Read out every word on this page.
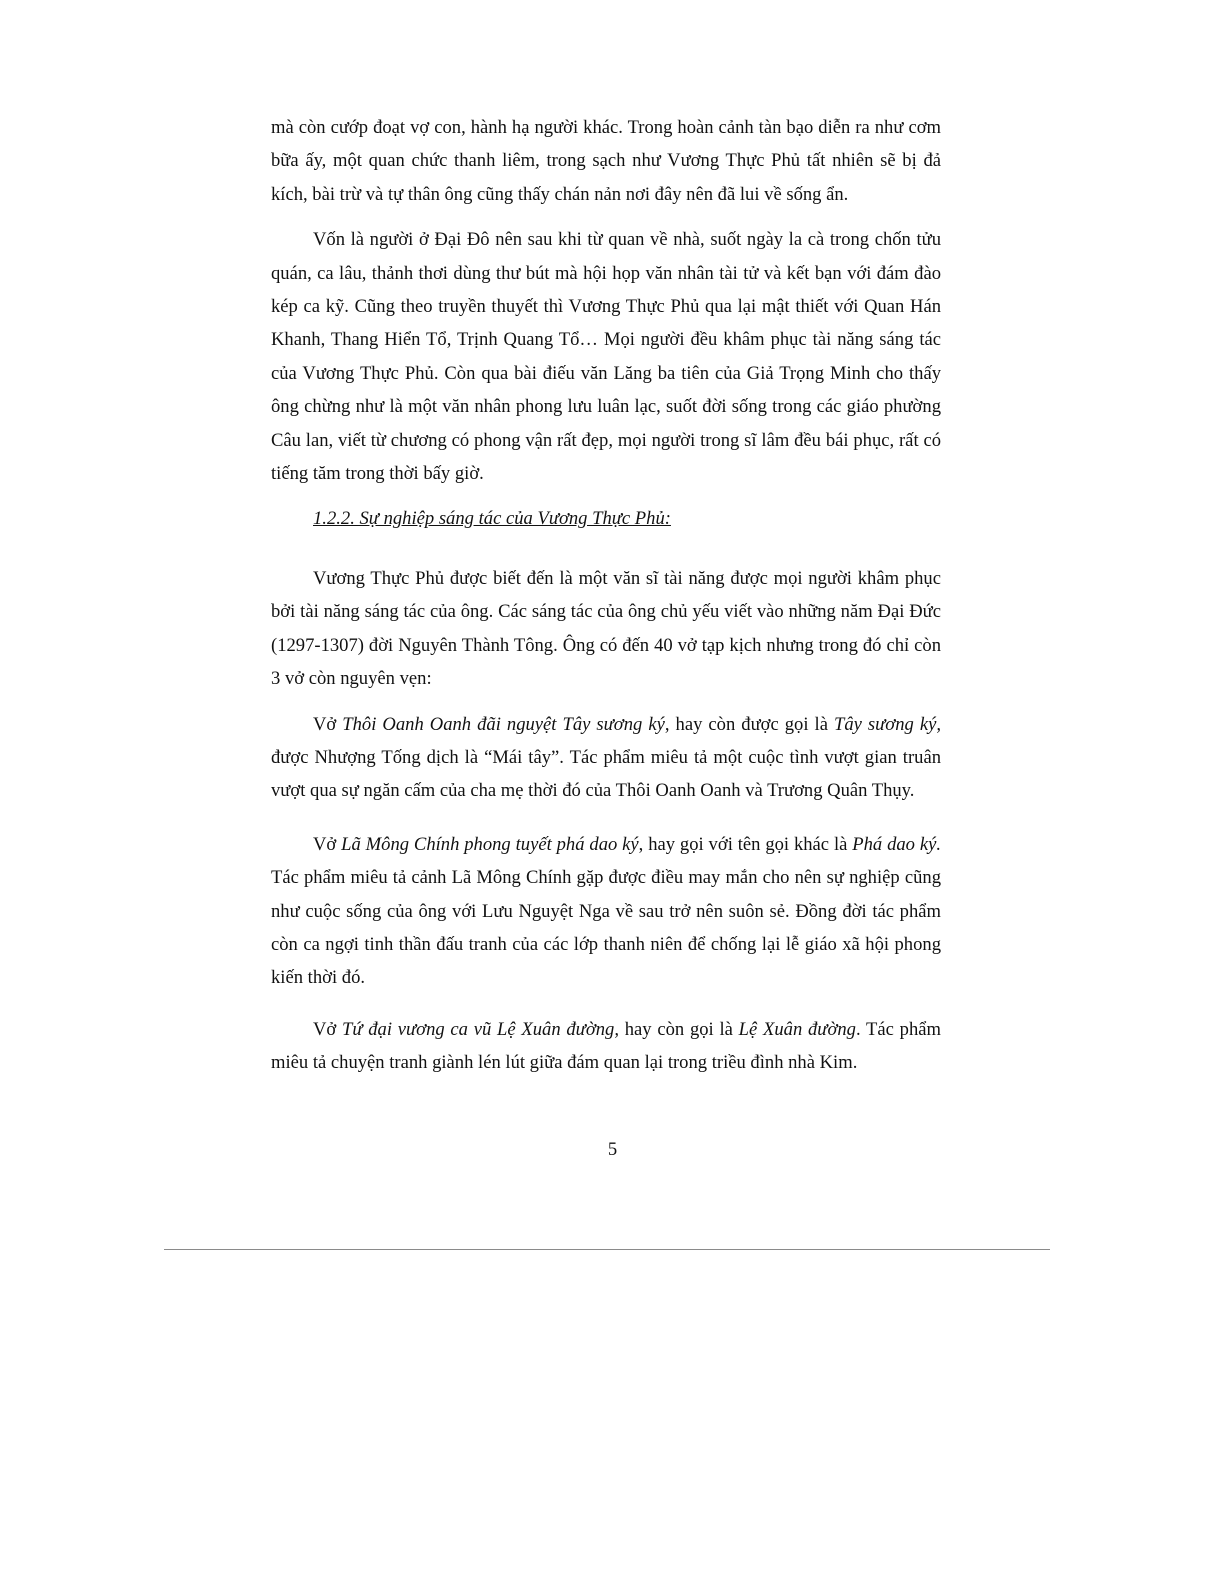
mà còn cướp đoạt vợ con, hành hạ người khác. Trong hoàn cảnh tàn bạo diễn ra như cơm bữa ấy, một quan chức thanh liêm, trong sạch như Vương Thực Phủ tất nhiên sẽ bị đả kích, bài trừ và tự thân ông cũng thấy chán nản nơi đây nên đã lui về sống ẩn.

Vốn là người ở Đại Đô nên sau khi từ quan về nhà, suốt ngày la cà trong chốn tửu quán, ca lâu, thảnh thơi dùng thư bút mà hội họp văn nhân tài tử và kết bạn với đám đào kép ca kỹ. Cũng theo truyền thuyết thì Vương Thực Phủ qua lại mật thiết với Quan Hán Khanh, Thang Hiển Tổ, Trịnh Quang Tổ… Mọi người đều khâm phục tài năng sáng tác của Vương Thực Phủ. Còn qua bài điếu văn Lăng ba tiên của Giả Trọng Minh cho thấy ông chừng như là một văn nhân phong lưu luân lạc, suốt đời sống trong các giáo phường Câu lan, viết từ chương có phong vận rất đẹp, mọi người trong sĩ lâm đều bái phục, rất có tiếng tăm trong thời bấy giờ.

1.2.2. Sự nghiệp sáng tác của Vương Thực Phủ:

Vương Thực Phủ được biết đến là một văn sĩ tài năng được mọi người khâm phục bởi tài năng sáng tác của ông. Các sáng tác của ông chủ yếu viết vào những năm Đại Đức (1297-1307) đời Nguyên Thành Tông. Ông có đến 40 vở tạp kịch nhưng trong đó chỉ còn 3 vở còn nguyên vẹn:

Vở Thôi Oanh Oanh đãi nguyệt Tây sương ký, hay còn được gọi là Tây sương ký, được Nhượng Tống dịch là “Mái tây”. Tác phẩm miêu tả một cuộc tình vượt gian truân vượt qua sự ngăn cấm của cha mẹ thời đó của Thôi Oanh Oanh và Trương Quân Thụy.

Vở Lã Mông Chính phong tuyết phá dao ký, hay gọi với tên gọi khác là Phá dao ký. Tác phẩm miêu tả cảnh Lã Mông Chính gặp được điều may mắn cho nên sự nghiệp cũng như cuộc sống của ông với Lưu Nguyệt Nga về sau trở nên suôn sẻ. Đồng đời tác phẩm còn ca ngợi tinh thần đấu tranh của các lớp thanh niên để chống lại lễ giáo xã hội phong kiến thời đó.

Vở Tứ đại vương ca vũ Lệ Xuân đường, hay còn gọi là Lệ Xuân đường. Tác phẩm miêu tả chuyện tranh giành lén lút giữa đám quan lại trong triều đình nhà Kim.

5
